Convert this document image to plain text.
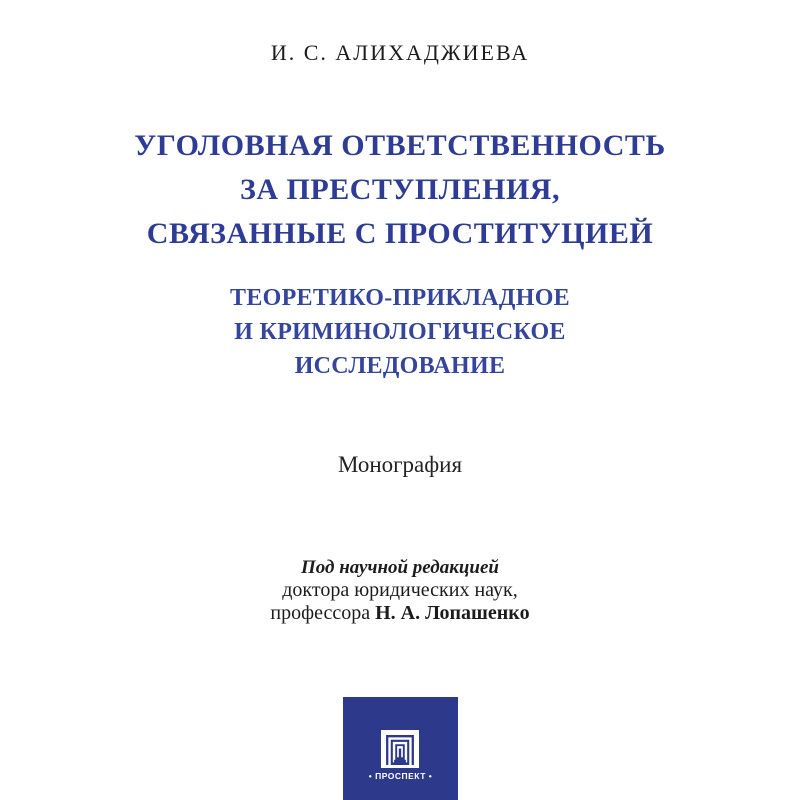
И. С. АЛИХАДЖИЕВА
УГОЛОВНАЯ ОТВЕТСТВЕННОСТЬ
ЗА ПРЕСТУПЛЕНИЯ,
СВЯЗАННЫЕ С ПРОСТИТУЦИЕЙ
ТЕОРЕТИКО-ПРИКЛАДНОЕ
И КРИМИНОЛОГИЧЕСКОЕ
ИССЛЕДОВАНИЕ
Монография
Под научной редакцией
доктора юридических наук,
профессора Н. А. Лопашенко
• ПРОСПЕКТ •
